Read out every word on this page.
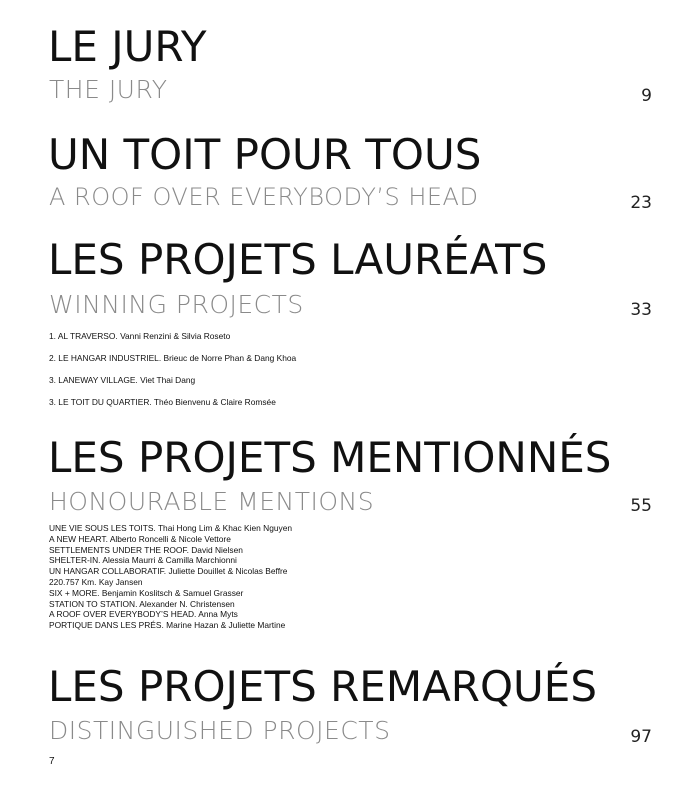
LE JURY
THE JURY	9
UN TOIT POUR TOUS
A ROOF OVER EVERYBODY’S HEAD	23
LES PROJETS LAURÉATS
WINNING PROJECTS	33
1. AL TRAVERSO. Vanni Renzini & Silvia Roseto
2. LE HANGAR INDUSTRIEL. Brieuc de Norre Phan & Dang Khoa
3. LANEWAY VILLAGE. Viet Thai Dang
3. LE TOIT DU QUARTIER. Théo Bienvenu & Claire Romsée
LES PROJETS MENTIONNÉS
HONOURABLE MENTIONS	55
UNE VIE SOUS LES TOITS. Thai Hong Lim & Khac Kien Nguyen
A NEW HEART. Alberto Roncelli & Nicole Vettore
SETTLEMENTS UNDER THE ROOF. David Nielsen
SHELTER-IN. Alessia Maurri & Camilla Marchionni
UN HANGAR COLLABORATIF. Juliette Douillet & Nicolas Beffre
220.757 Km. Kay Jansen
SIX + MORE. Benjamin Koslitsch & Samuel Grasser
STATION TO STATION. Alexander N. Christensen
A ROOF OVER EVERYBODY’S HEAD. Anna Myts
PORTIQUE DANS LES PRÉS. Marine Hazan & Juliette Martine
LES PROJETS REMARQUÉS
DISTINGUISHED PROJECTS	97
7
